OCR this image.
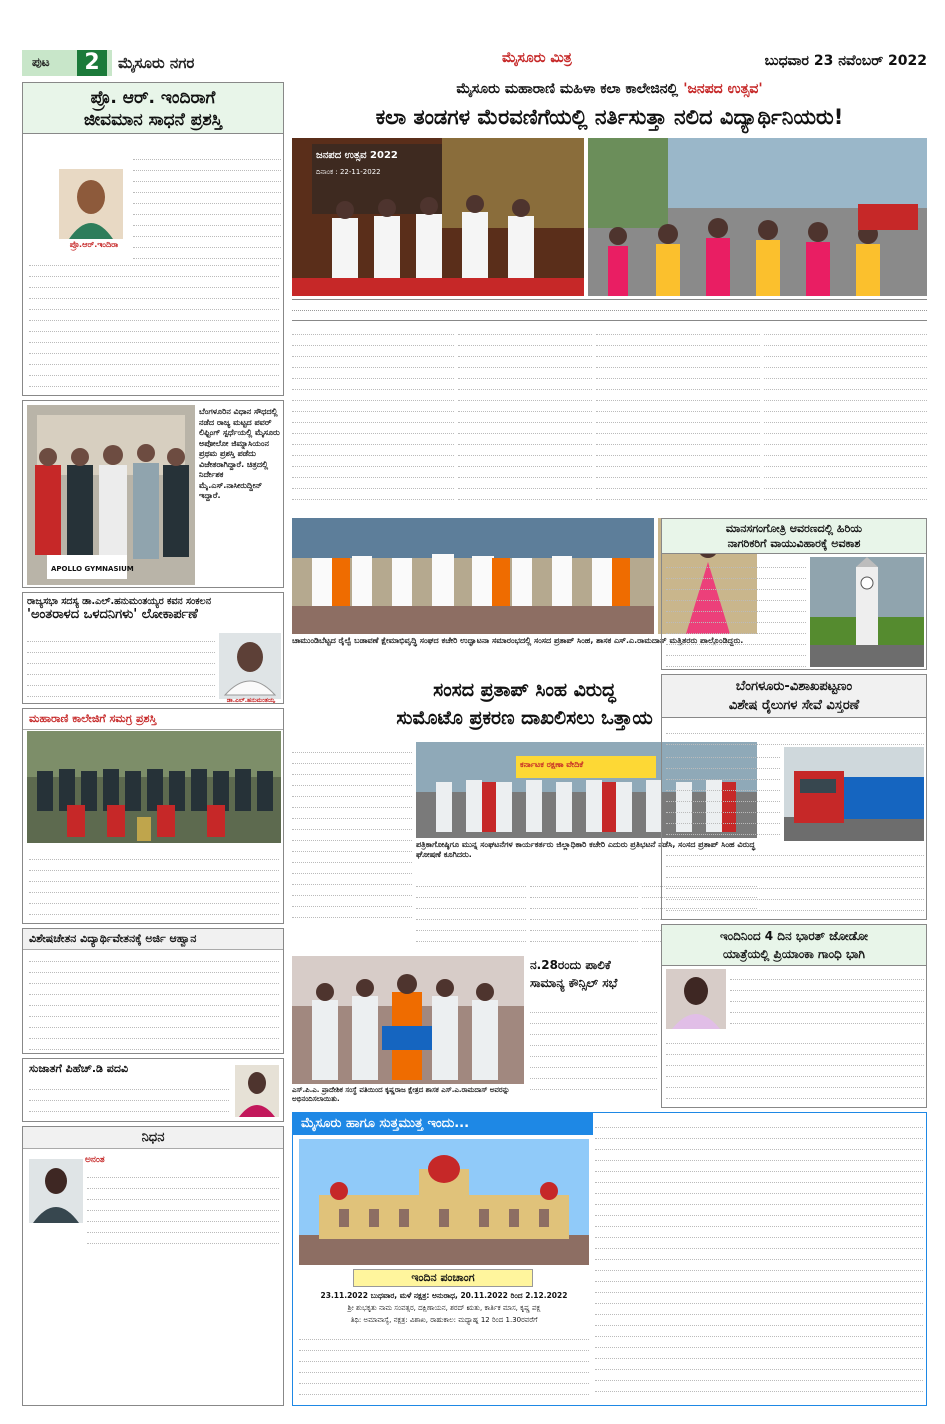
ಪುಟ	2	ಮೈಸೂರು ನಗರ	ಮೈಸೂರು ಮಿತ್ರ	ಬುಧವಾರ 23 ನವೆಂಬರ್ 2022
ಪ್ರೊ. ಆರ್. ಇಂದಿರಾಗೆ
ಜೀವಮಾನ ಸಾಧನೆ ಪ್ರಶಸ್ತಿ
ಪ್ರೊ.ಆರ್.ಇಂದಿರಾ
APOLLO GYMNASIUM
ಬೆಂಗಳೂರಿನ ವಿಧಾನ ಸೌಧದಲ್ಲಿ ನಡೆದ ರಾಜ್ಯ ಮಟ್ಟದ ಪವರ್ ಲಿಫ್ಟಿಂಗ್ ಸ್ಪರ್ಧೆಯಲ್ಲಿ ಮೈಸೂರು ಅಪೋಲೋ ಜಿಮ್ನಾಸಿಯಂನ ಪ್ರಥಮ ಪ್ರಶಸ್ತಿ ಪಡೆದು ವಿಜೇತರಾಗಿದ್ದಾರೆ. ಚಿತ್ರದಲ್ಲಿ ನಿರ್ದೇಶಕ ಮೈ.ಎಸ್.ನಾಸೀರುದ್ದೀನ್ ಇದ್ದಾರೆ.
ರಾಜ್ಯಸಭಾ ಸದಸ್ಯ ಡಾ.ಎಲ್.ಹನುಮಂತಯ್ಯರ ಕವನ ಸಂಕಲನ
'ಅಂತರಾಳದ ಒಳದನಿಗಳು' ಲೋಕಾರ್ಪಣೆ
ಡಾ.ಎಲ್.ಹನುಮಂತಯ್ಯ
ಮಹಾರಾಣಿ ಕಾಲೇಜಿಗೆ ಸಮಗ್ರ ಪ್ರಶಸ್ತಿ
ವಿಶೇಷಚೇತನ ವಿದ್ಯಾರ್ಥಿವೇತನಕ್ಕೆ ಅರ್ಜಿ ಆಹ್ವಾನ
ಸುಜಾತಗೆ ಪಿಹೆಚ್.ಡಿ ಪದವಿ
ನಿಧನ
ಅನಂತ
ಮೈಸೂರು ಮಹಾರಾಣಿ ಮಹಿಳಾ ಕಲಾ ಕಾಲೇಜಿನಲ್ಲಿ 'ಜನಪದ ಉತ್ಸವ'
ಕಲಾ ತಂಡಗಳ ಮೆರವಣಿಗೆಯಲ್ಲಿ ನರ್ತಿಸುತ್ತಾ ನಲಿದ ವಿದ್ಯಾರ್ಥಿನಿಯರು!
ಜನಪದ ಉತ್ಸವ 2022
ದಿನಾಂಕ : 22-11-2022
ಚಾಮುಂಡಿಬೆಟ್ಟದ ರೈಲ್ವೆ ಬಡಾವಣೆ ಕ್ಷೇಮಾಭಿವೃದ್ಧಿ ಸಂಘದ ಕಚೇರಿ ಉದ್ಘಾಟನಾ ಸಮಾರಂಭದಲ್ಲಿ ಸಂಸದ ಪ್ರತಾಪ್ ಸಿಂಹ, ಶಾಸಕ ಎಸ್.ಎ.ರಾಮದಾಸ್ ಮತ್ತಿತರರು ಪಾಲ್ಗೊಂಡಿದ್ದರು.
ಸಂಸದ ಪ್ರತಾಪ್ ಸಿಂಹ ವಿರುದ್ಧ
ಸುಮೊಟೊ ಪ್ರಕರಣ ದಾಖಲಿಸಲು ಒತ್ತಾಯ
ಕರ್ನಾಟಕ ರಕ್ಷಣಾ ವೇದಿಕೆ
ಪತ್ರಿಕಾಗೋಷ್ಠಿಗೂ ಮುನ್ನ ಸಂಘಟನೆಗಳ ಕಾರ್ಯಕರ್ತರು ಜಿಲ್ಲಾಧಿಕಾರಿ ಕಚೇರಿ ಎದುರು ಪ್ರತಿಭಟನೆ ನಡೆಸಿ, ಸಂಸದ ಪ್ರತಾಪ್ ಸಿಂಹ ವಿರುದ್ಧ ಘೋಷಣೆ ಕೂಗಿದರು.
ಎಸ್.ಪಿ.ಎ. ಪ್ರಾದೇಶಿಕ ಸಂಸ್ಥೆ ವತಿಯಿಂದ ಕೃಷ್ಣರಾಜ ಕ್ಷೇತ್ರದ ಶಾಸಕ ಎಸ್.ಎ.ರಾಮದಾಸ್ ಅವರನ್ನು ಅಭಿನಂದಿಸಲಾಯಿತು.
ನ.28ರಂದು ಪಾಲಿಕೆ
ಸಾಮಾನ್ಯ ಕೌನ್ಸಿಲ್ ಸಭೆ
ಮಾನಸಗಂಗೋತ್ರಿ ಆವರಣದಲ್ಲಿ ಹಿರಿಯ
ನಾಗರಿಕರಿಗೆ ವಾಯುವಿಹಾರಕ್ಕೆ ಅವಕಾಶ
ಬೆಂಗಳೂರು-ವಿಶಾಖಪಟ್ಟಣಂ
ವಿಶೇಷ ರೈಲುಗಳ ಸೇವೆ ವಿಸ್ತರಣೆ
ಇಂದಿನಿಂದ 4 ದಿನ ಭಾರತ್ ಜೋಡೋ
ಯಾತ್ರೆಯಲ್ಲಿ ಪ್ರಿಯಾಂಕಾ ಗಾಂಧಿ ಭಾಗಿ
ಮೈಸೂರು ಹಾಗೂ ಸುತ್ತಮುತ್ತ ಇಂದು...
ಇಂದಿನ ಪಂಚಾಂಗ
23.11.2022 ಬುಧವಾರ, ಮಳೆ ನಕ್ಷತ್ರ: ಅನುರಾಧ, 20.11.2022 ರಿಂದ 2.12.2022
ಶ್ರೀ ಶುಭಕೃತು ನಾಮ ಸಂವತ್ಸರ, ದಕ್ಷಿಣಾಯನ, ಶರದ್ ಋತು, ಕಾರ್ತಿಕ ಮಾಸ, ಕೃಷ್ಣ ಪಕ್ಷ
ತಿಥಿ: ಅಮಾವಾಸ್ಯೆ, ನಕ್ಷತ್ರ: ವಿಶಾಖ, ರಾಹುಕಾಲ: ಮಧ್ಯಾಹ್ನ 12 ರಿಂದ 1.30ರವರೆಗೆ
